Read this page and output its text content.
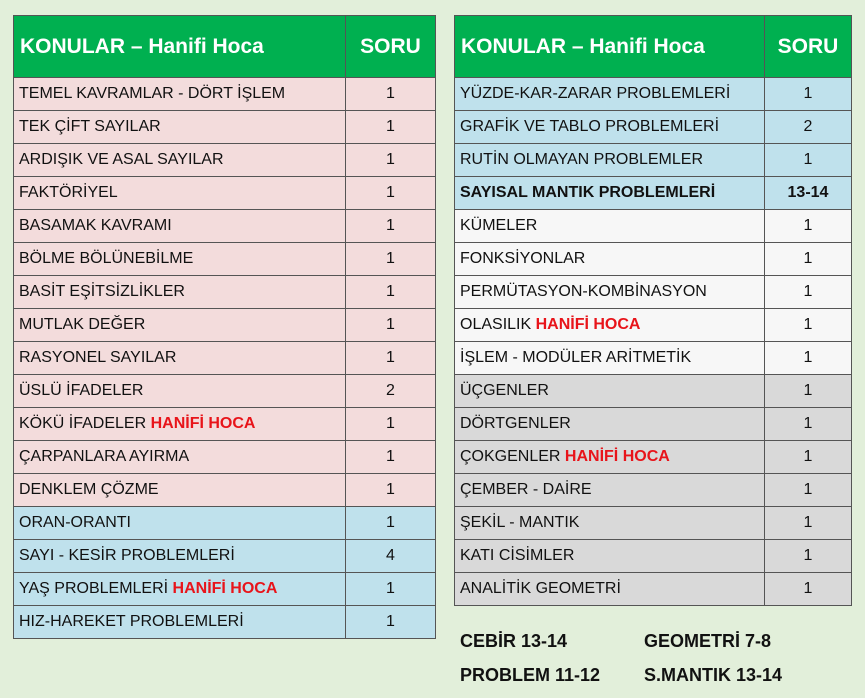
KONULAR – Hanifi Hoca	SORU
TEMEL KAVRAMLAR - DÖRT İŞLEM	1
TEK ÇİFT SAYILAR	1
ARDIŞIK VE ASAL SAYILAR	1
FAKTÖRİYEL	1
BASAMAK KAVRAMI	1
BÖLME BÖLÜNEBİLME	1
BASİT EŞİTSİZLİKLER	1
MUTLAK DEĞER	1
RASYONEL SAYILAR	1
ÜSLÜ İFADELER	2
KÖKÜ İFADELER HANİFİ HOCA	1
ÇARPANLARA AYIRMA	1
DENKLEM ÇÖZME	1
ORAN-ORANTI	1
SAYI - KESİR PROBLEMLERİ	4
YAŞ PROBLEMLERİ HANİFİ HOCA	1
HIZ-HAREKET PROBLEMLERİ	1
KONULAR – Hanifi Hoca	SORU
YÜZDE-KAR-ZARAR PROBLEMLERİ	1
GRAFİK VE TABLO PROBLEMLERİ	2
RUTİN OLMAYAN PROBLEMLER	1
SAYISAL MANTIK PROBLEMLERİ	13-14
KÜMELER	1
FONKSİYONLAR	1
PERMÜTASYON-KOMBİNASYON	1
OLASILIK HANİFİ HOCA	1
İŞLEM - MODÜLER ARİTMETİK	1
ÜÇGENLER	1
DÖRTGENLER	1
ÇOKGENLER HANİFİ HOCA	1
ÇEMBER - DAİRE	1
ŞEKİL - MANTIK	1
KATI CİSİMLER	1
ANALİTİK GEOMETRİ	1
CEBİR 13-14	GEOMETRİ 7-8
PROBLEM 11-12 S.MANTIK 13-14
